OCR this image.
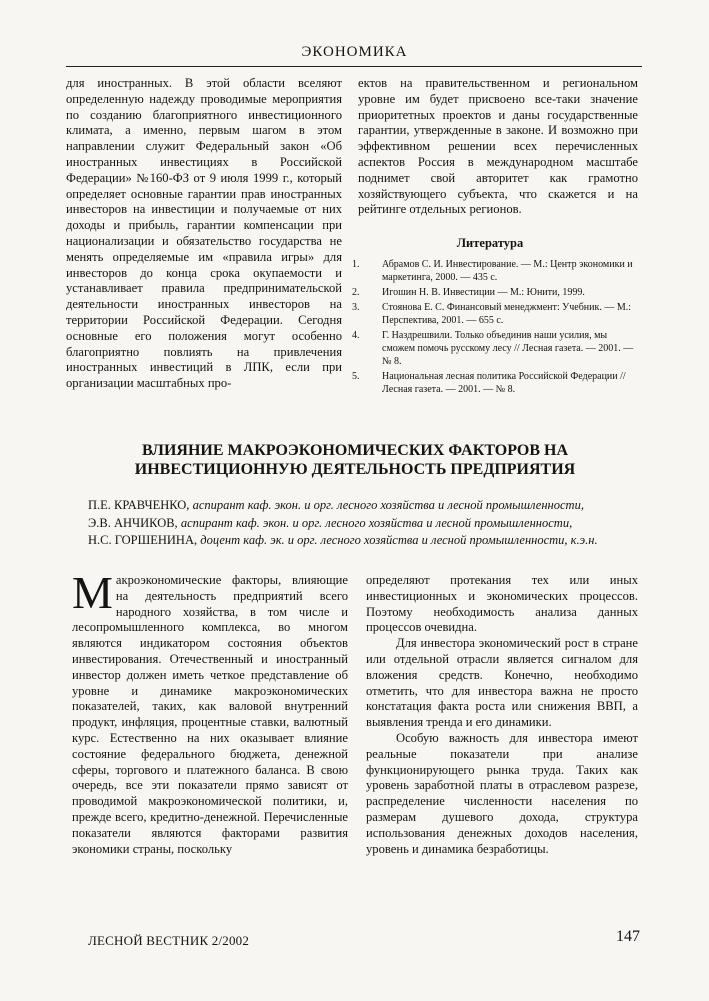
ЭКОНОМИКА

для иностранных. В этой области вселяют определенную надежду проводимые мероприятия по созданию благоприятного инвестиционного климата, а именно, первым шагом в этом направлении служит Федеральный закон «Об иностранных инвестициях в Российской Федерации» №160-ФЗ от 9 июля 1999 г., который определяет основные гарантии прав иностранных инвесторов на инвестиции и получаемые от них доходы и прибыль, гарантии компенсации при национализации и обязательство государства не менять определяемые им «правила игры» для инвесторов до конца срока окупаемости и устанавливает правила предпринимательской деятельности иностранных инвесторов на территории Российской Федерации. Сегодня основные его положения могут особенно благоприятно повлиять на привлечения иностранных инвестиций в ЛПК, если при организации масштабных про-

ектов на правительственном и региональном уровне им будет присвоено все-таки значение приоритетных проектов и даны государственные гарантии, утвержденные в законе. И возможно при эффективном решении всех перечисленных аспектов Россия в международном масштабе поднимет свой авторитет как грамотно хозяйствующего субъекта, что скажется и на рейтинге отдельных регионов.

Литература
1. Абрамов С. И. Инвестирование. — М.: Центр экономики и маркетинга, 2000. — 435 с.
2. Игошин Н. В. Инвестиции — М.: Юнити, 1999.
3. Стоянова Е. С. Финансовый менеджмент: Учебник. — М.: Перспектива, 2001. — 655 с.
4. Г. Наздрешвили. Только объединив наши усилия, мы сможем помочь русскому лесу // Лесная газета. — 2001. — № 8.
5. Национальная лесная политика Российской Федерации // Лесная газета. — 2001. — № 8.
ВЛИЯНИЕ МАКРОЭКОНОМИЧЕСКИХ ФАКТОРОВ НА
ИНВЕСТИЦИОННУЮ ДЕЯТЕЛЬНОСТЬ ПРЕДПРИЯТИЯ
П.Е. КРАВЧЕНКО, аспирант каф. экон. и орг. лесного хозяйства и лесной промышленности,
Э.В. АНЧИКОВ, аспирант каф. экон. и орг. лесного хозяйства и лесной промышленности,
Н.С. ГОРШЕНИНА, доцент каф. эк. и орг. лесного хозяйства и лесной промышленности, к.э.н.

Макроэкономические факторы, влияющие на деятельность предприятий всего народного хозяйства, в том числе и лесопромышленного комплекса, во многом являются индикатором состояния объектов инвестирования. Отечественный и иностранный инвестор должен иметь четкое представление об уровне и динамике макроэкономических показателей, таких, как валовой внутренний продукт, инфляция, процентные ставки, валютный курс. Естественно на них оказывает влияние состояние федерального бюджета, денежной сферы, торгового и платежного баланса. В свою очередь, все эти показатели прямо зависят от проводимой макроэкономической политики, и, прежде всего, кредитно-денежной. Перечисленные показатели являются факторами развития экономики страны, поскольку

определяют протекания тех или иных инвестиционных и экономических процессов. Поэтому необходимость анализа данных процессов очевидна.

Для инвестора экономический рост в стране или отдельной отрасли является сигналом для вложения средств. Конечно, необходимо отметить, что для инвестора важна не просто констатация факта роста или снижения ВВП, а выявления тренда и его динамики.

Особую важность для инвестора имеют реальные показатели при анализе функционирующего рынка труда. Таких как уровень заработной платы в отраслевом разрезе, распределение численности населения по размерам душевого дохода, структура использования денежных доходов населения, уровень и динамика безработицы.

ЛЕСНОЙ ВЕСТНИК 2/2002	147
